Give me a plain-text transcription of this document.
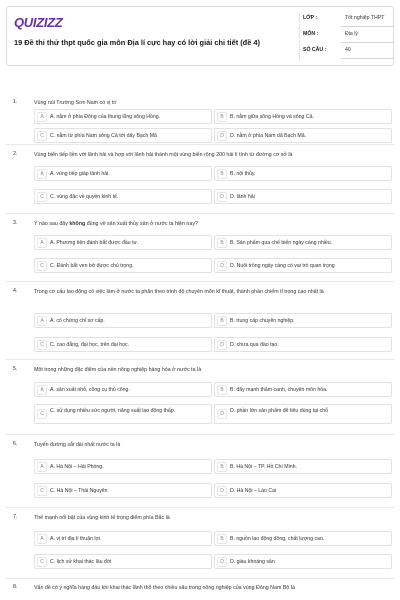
QUIZIZZ
19 Đề thi thử thpt quốc gia môn Địa lí cực hay có lời giải chi tiết (đề 4)
LỚP :	Tốt nghiệp THPT
MÔN :	Địa lý
SỐ CÂU :	40
1.	Vùng núi Trường Sơn Nam có vị trí
A	A. nằm ở phía Đông của thung lũng sông Hồng.	B	B. nằm giữa sông Hồng và sông Cả.
C	C. nằm từ phía Nam sông Cả tới dãy Bạch Mã	D	D. nằm ở phía Nam dã Bạch Mã.
2.	Vùng biển tiếp liền với lãnh hải và hợp với lãnh hải thành một vùng biển rộng 200 hải lí tính từ đường cơ sở là
A	A. vùng tiếp giáp lãnh hải.	B	B. nội thủy.
C	C. vùng đặc về quyền kinh tế.	D	D. lãnh hải
3.	Ý nào sau đây không đúng về sản xuất thủy sản ở nước ta hiện nay?
A	A. Phương tiện đánh bắt được đầu tư.	B	B. Sản phẩm qua chế biến ngày càng nhiều.
C	C. Đánh bắt ven bờ được chú trọng.	D	D. Nuôi trồng ngày càng có vai trò quan trọng
4.	Trong cơ cấu lao động có việc làm ở nước ta phân theo trình độ chuyên môn kĩ thuật, thành phần chiếm tỉ trọng cao nhất là
A	A. có chứng chỉ sơ cấp.	B	B. trung cấp chuyên nghiệp.
C	C. cao đẳng, đại học, trên đại học.	D	D. chưa qua đào tạo.
5.	Một trong những đặc điểm của nền nông nghiệp hàng hóa ở nước ta là
A	A. sản xuất nhỏ, công cụ thủ công.	B	B. đẩy mạnh thâm canh, chuyên môn hóa.
C	C. sử dụng nhiều sức người, năng suất lao động thấp.	D	D. phần lớn sản phẩm để tiêu dùng tại chỗ
6.	Tuyến đường sắt dài nhất nước ta là
A	A. Hà Nội – Hải Phòng.	B	B. Hà Nội – TP. Hồ Chí Minh.
C	C. Hà Nội – Thái Nguyên	D	D. Hà Nội – Lào Cai
7.	Thế mạnh nổi bật của vùng kinh tế trọng điểm phía Bắc là
A	A. vị trí địa lí thuận lợi.	B	B. nguồn lao động đông, chất lượng cao.
C	C. lịch sử khai thác lâu đời	D	D. giàu khoáng sản
8.	Vấn đề có ý nghĩa hàng đầu khi khai thác lãnh thổ theo chiều sâu trong nông nghiệp của vùng Đông Nam Bộ là
